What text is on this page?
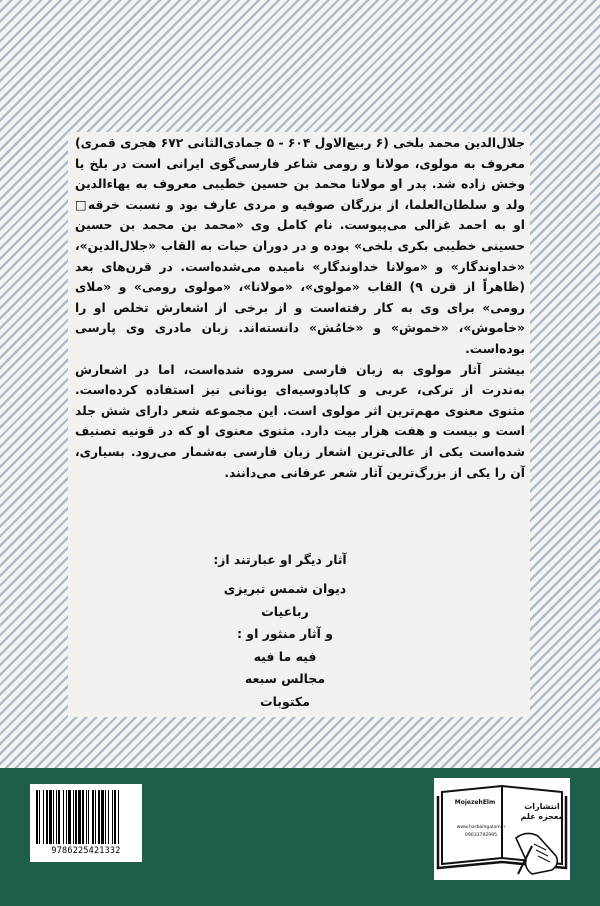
جلال‌الدین محمد بلخی (۶ ربیع‌الاول ۶۰۴ - ۵ جمادی‌الثانی ۶۷۲ هجری قمری) معروف به مولوی، مولانا و رومی شاعر فارسی‌گوی ایرانی است در بلخ یا وخش زاده شد. پدر او مولانا محمد بن حسین خطیبی معروف به بهاءالدین ولد و سلطان‌العلما، از بزرگان صوفیه و مردی عارف بود و نسبت خرقه□ او به احمد غزالی می‌پیوست. نام کامل وی «محمد بن محمد بن حسین حسینی خطیبی بکری بلخی» بوده و در دوران حیات به القاب «جلال‌الدین»، «خداوندگار» و «مولانا خداوندگار» نامیده می‌شده‌است. در قرن‌های بعد (ظاهراً از قرن ۹) القاب «مولوی»، «مولانا»، «مولوی رومی» و «ملای رومی» برای وی به کار رفته‌است و از برخی از اشعارش تخلص او را «خاموش»، «خموش» و «خامُش» دانسته‌اند. زبان مادری وی پارسی بوده‌است.

بیشتر آثار مولوی به زبان فارسی سروده شده‌است، اما در اشعارش به‌ندرت از ترکی، عربی و کاپادوسیه‌ای یونانی نیز استفاده کرده‌است. مثنوی معنوی مهم‌ترین اثر مولوی است. این مجموعه شعر دارای شش جلد است و بیست و هفت هزار بیت دارد. مثنوی معنوی او که در قونیه تصنیف شده‌است یکی از عالی‌ترین اشعار زبان فارسی به‌شمار می‌رود. بسیاری، آن را یکی از بزرگ‌ترین آثار شعر عرفانی می‌دانند.

آثار دیگر او عبارتند از:
دیوان شمس تبریزی
رباعیات
و آثار منثور او :
فیه ما فیه
مجالس سبعه
مکتوبات
9786225421332
انتشارات
معجزه علم
MojezehElm
www.harbalegalam.ir
09033792995
